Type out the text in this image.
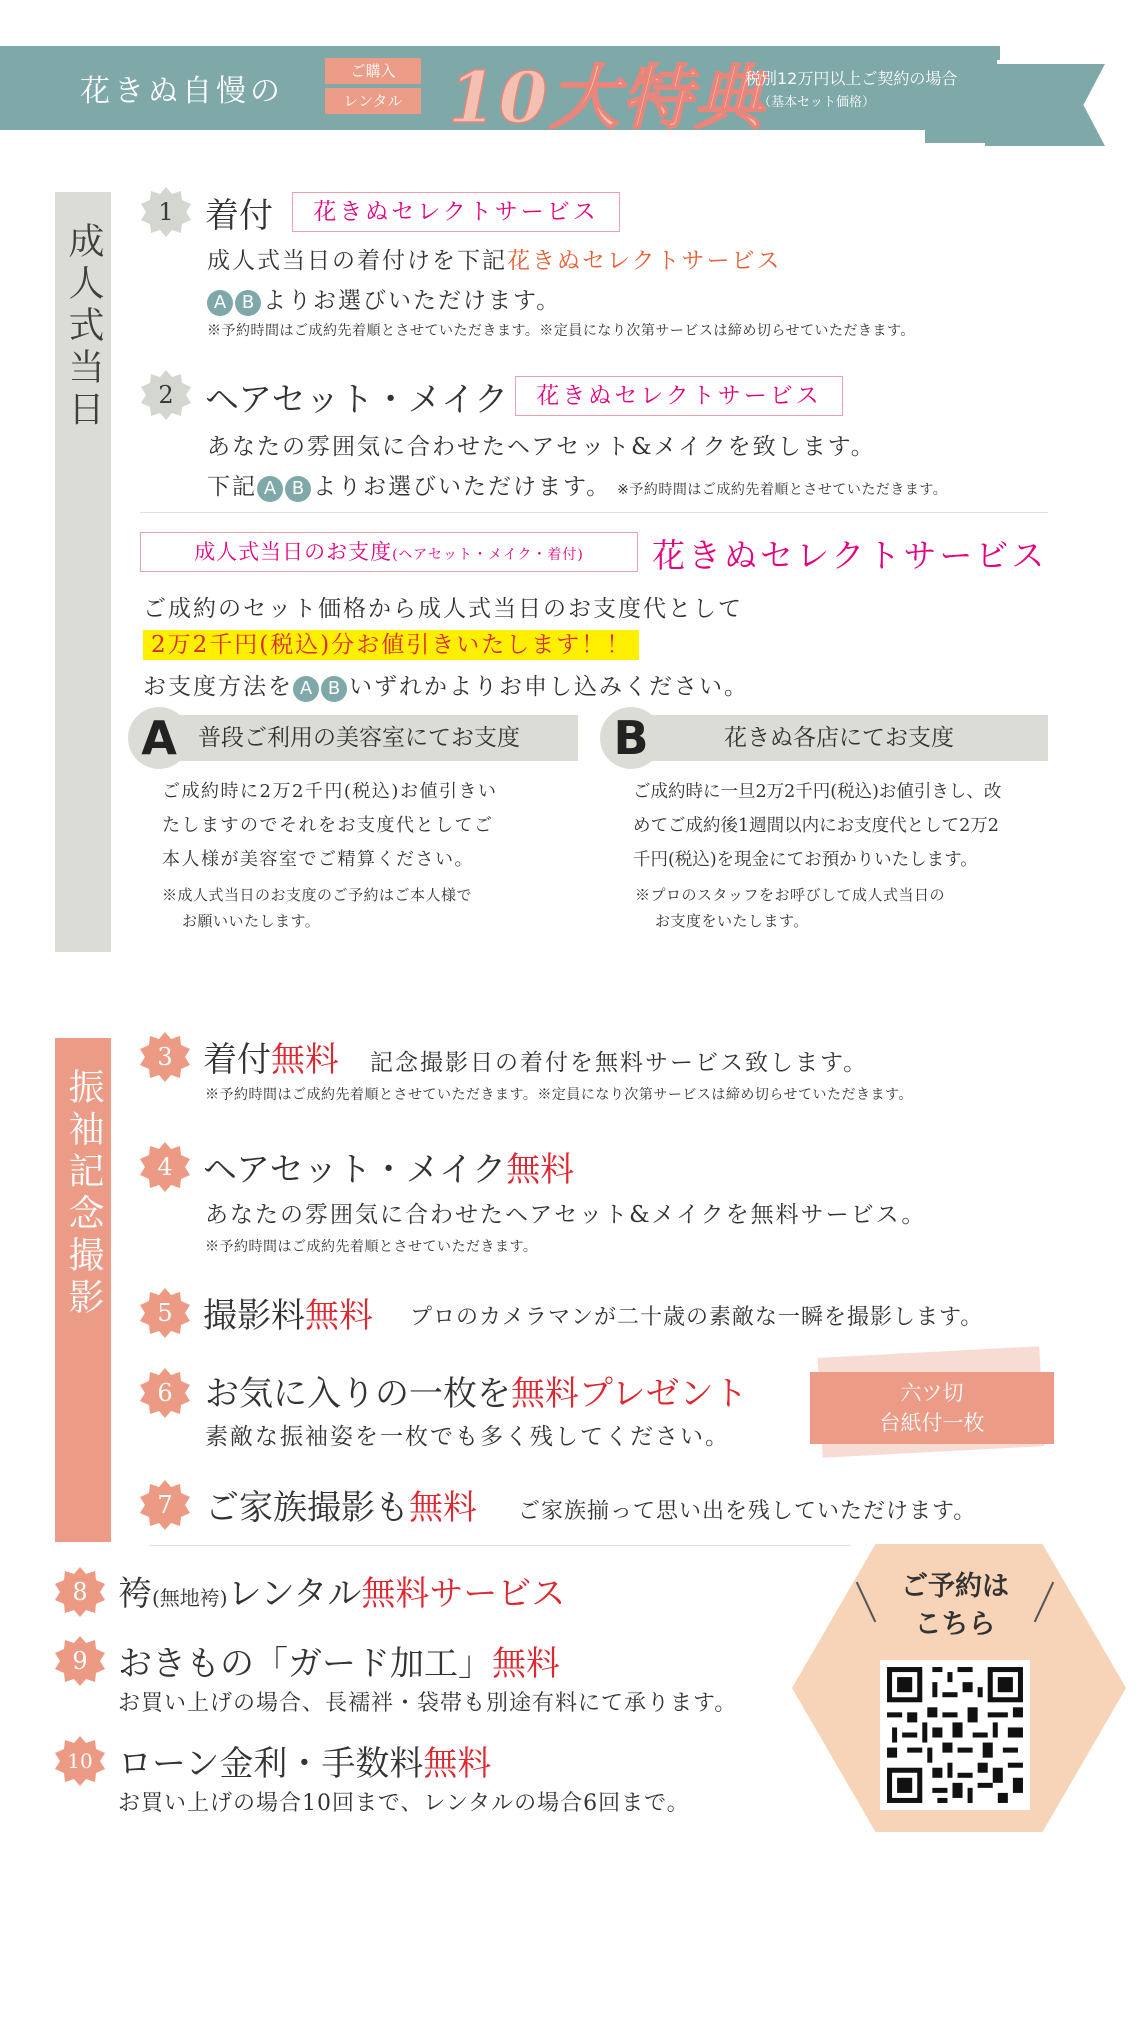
花きぬ自慢の
ご購入
レンタル 10大特典
税別12万円以上ご契約の場合
（基本セット価格）
成人式当日
振袖記念撮影
1 着付	花きぬセレクトサービス
成人式当日の着付けを下記花きぬセレクトサービス
A B よりお選びいただけます。
※予約時間はご成約先着順とさせていただきます。※定員になり次第サービスは締め切らせていただきます。
2 ヘアセット・メイク	花きぬセレクトサービス
あなたの雰囲気に合わせたヘアセット&メイクを致します。
下記 A B よりお選びいただけます。 ※予約時間はご成約先着順とさせていただきます。
成人式当日のお支度(ヘアセット・メイク・着付)	花きぬセレクトサービス
ご成約のセット価格から成人式当日のお支度代として
2万2千円(税込)分お値引きいたします！！
お支度方法を A B いずれかよりお申し込みください。
普段ご利用の美容室にてお支度
A
ご成約時に2万2千円(税込)お値引きい
たしますのでそれをお支度代としてご
本人様が美容室でご精算ください。
※成人式当日のお支度のご予約はご本人様で
お願いいたします。
花きぬ各店にてお支度
B
ご成約時に一旦2万2千円(税込)お値引きし、改
めてご成約後1週間以内にお支度代として2万2
千円(税込)を現金にてお預かりいたします。
※プロのスタッフをお呼びして成人式当日の
お支度をいたします。
3 着付無料 記念撮影日の着付を無料サービス致します。
※予約時間はご成約先着順とさせていただきます。※定員になり次第サービスは締め切らせていただきます。
4 ヘアセット・メイク無料
あなたの雰囲気に合わせたヘアセット&メイクを無料サービス。
※予約時間はご成約先着順とさせていただきます。
5 撮影料無料 プロのカメラマンが二十歳の素敵な一瞬を撮影します。
6 お気に入りの一枚を無料プレゼント
素敵な振袖姿を一枚でも多く残してください。
六ツ切
台紙付一枚
7 ご家族撮影も無料 ご家族揃って思い出を残していただけます。
8 袴(無地袴)レンタル無料サービス
9 おきもの「ガード加工」無料
お買い上げの場合、長襦袢・袋帯も別途有料にて承ります。
10 ローン金利・手数料無料
お買い上げの場合10回まで、レンタルの場合6回まで。
ご予約は
こちら
